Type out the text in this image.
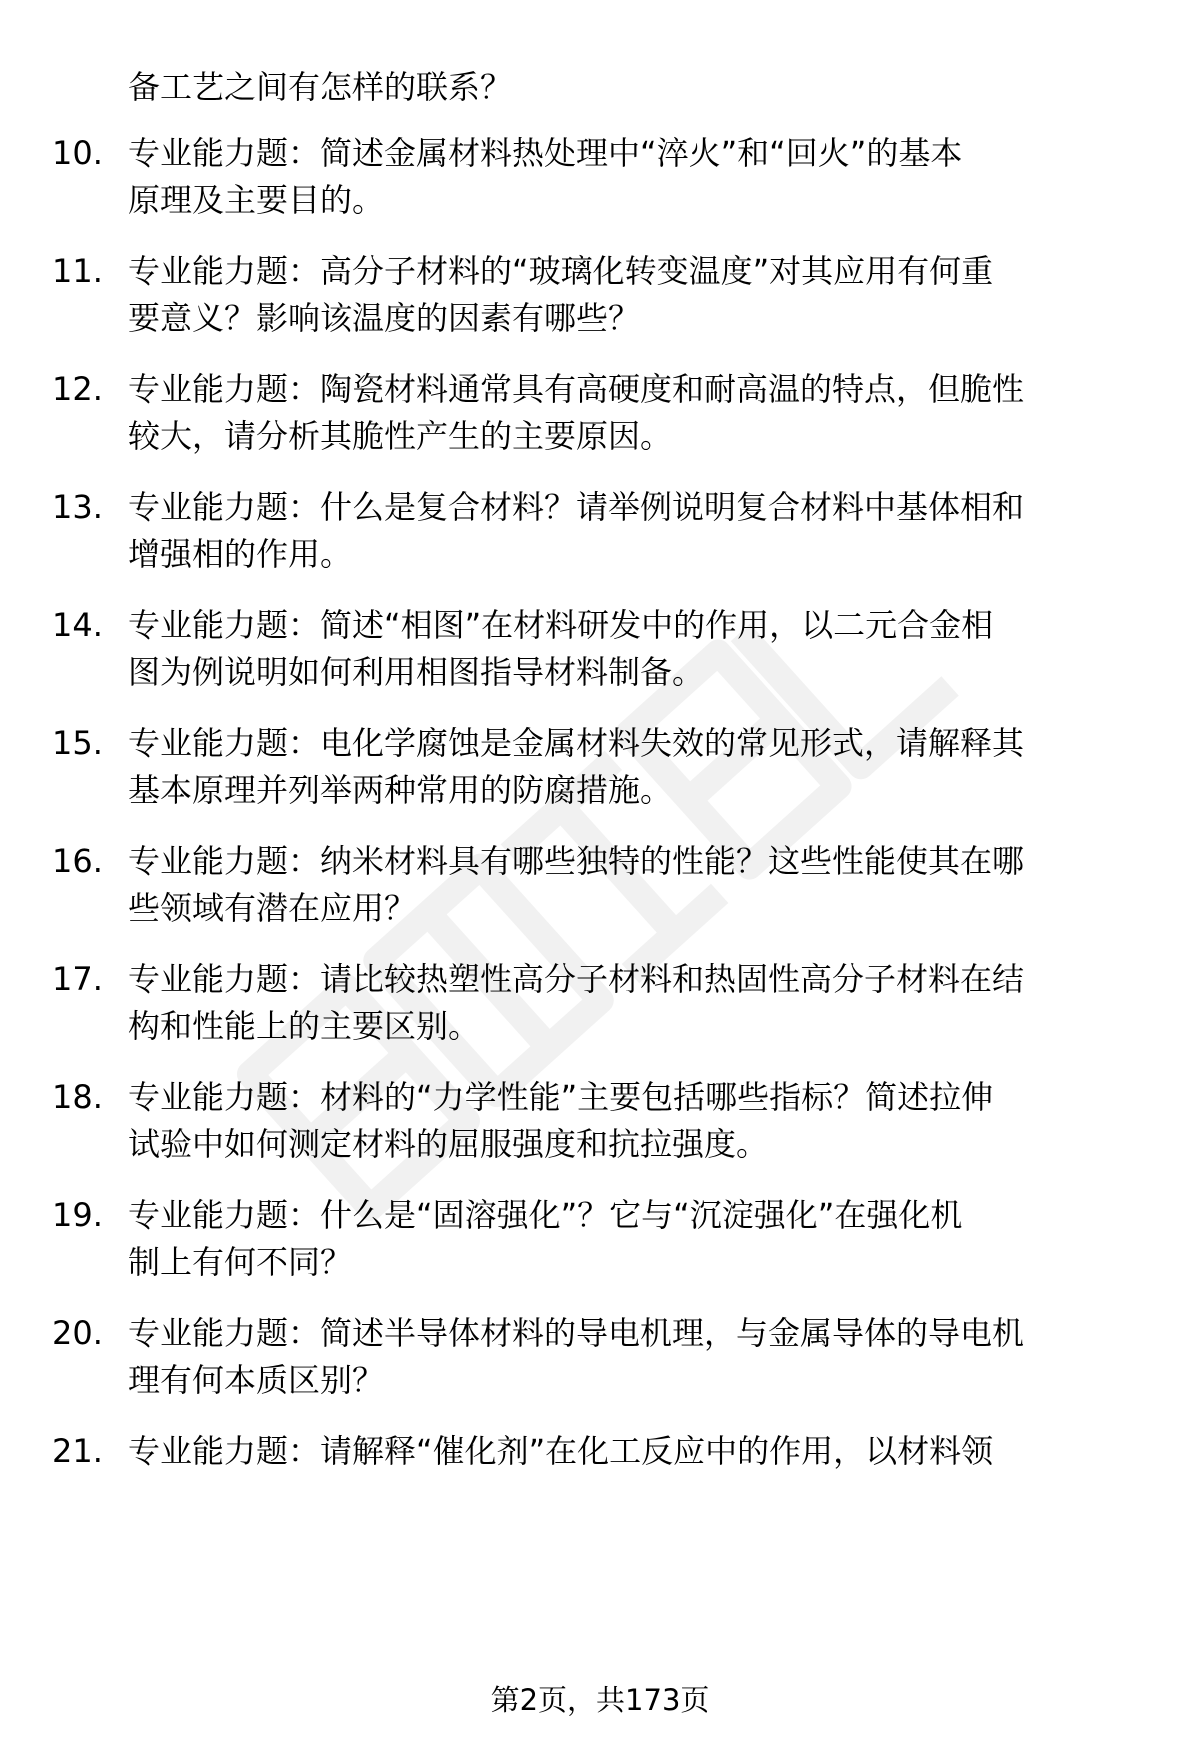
备工艺之间有怎样的联系？
10. 专业能力题：简述金属材料热处理中“淬火”和“回火”的基本
原理及主要目的。
11. 专业能力题：高分子材料的“玻璃化转变温度”对其应用有何重
要意义？影响该温度的因素有哪些？
12. 专业能力题：陶瓷材料通常具有高硬度和耐高温的特点，但脆性
较大，请分析其脆性产生的主要原因。
13. 专业能力题：什么是复合材料？请举例说明复合材料中基体相和
增强相的作用。
14. 专业能力题：简述“相图”在材料研发中的作用，以二元合金相
图为例说明如何利用相图指导材料制备。
15. 专业能力题：电化学腐蚀是金属材料失效的常见形式，请解释其
基本原理并列举两种常用的防腐措施。
16. 专业能力题：纳米材料具有哪些独特的性能？这些性能使其在哪
些领域有潜在应用？
17. 专业能力题：请比较热塑性高分子材料和热固性高分子材料在结
构和性能上的主要区别。
18. 专业能力题：材料的“力学性能”主要包括哪些指标？简述拉伸
试验中如何测定材料的屈服强度和抗拉强度。
19. 专业能力题：什么是“固溶强化”？它与“沉淀强化”在强化机
制上有何不同？
20. 专业能力题：简述半导体材料的导电机理，与金属导体的导电机
理有何本质区别？
21. 专业能力题：请解释“催化剂”在化工反应中的作用，以材料领
第2页，共173页
